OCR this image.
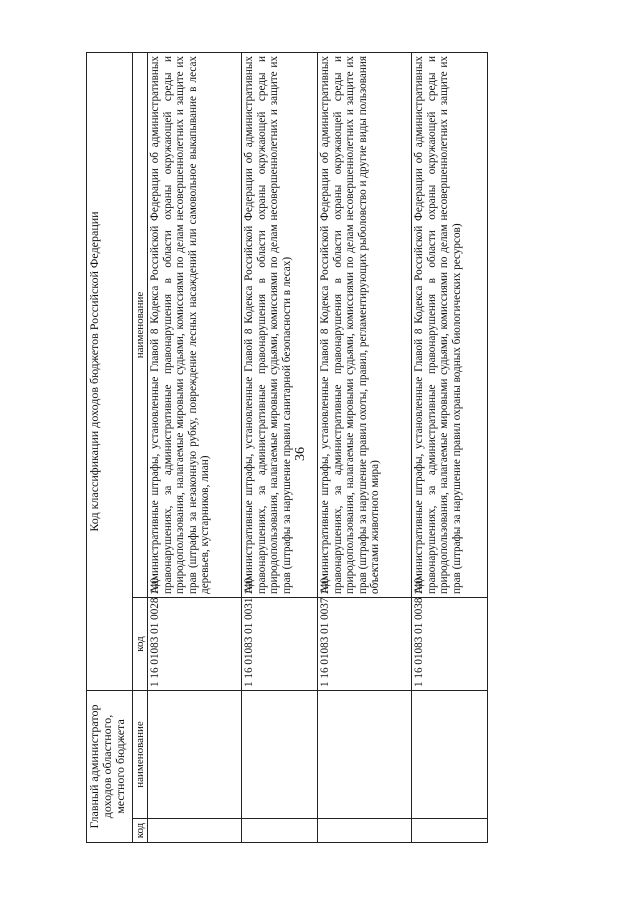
36
Главный администратор доходов областного, местного бюджета		Код классификации доходов бюджетов Российской Федерации	
код	наименование	код	наименование
		1 16 01083 01 0028 140	Административные штрафы, установленные Главой 8 Кодекса Российской Федерации об административных правонарушениях, за административные правонарушения в области охраны окружающей среды и природопользования, налагаемые мировыми судьями, комиссиями по делам несовершеннолетних и защите их прав (штрафы за незаконную рубку, повреждение лесных насаждений или самовольное выкапывание в лесах деревьев, кустарников, лиан)
		1 16 01083 01 0031 140	Административные штрафы, установленные Главой 8 Кодекса Российской Федерации об административных правонарушениях, за административные правонарушения в области охраны окружающей среды и природопользования, налагаемые мировыми судьями, комиссиями по делам несовершеннолетних и защите их прав (штрафы за нарушение правил санитарной безопасности в лесах)
		1 16 01083 01 0037 140	Административные штрафы, установленные Главой 8 Кодекса Российской Федерации об административных правонарушениях, за административные правонарушения в области охраны окружающей среды и природопользования, налагаемые мировыми судьями, комиссиями по делам несовершеннолетних и защите их прав (штрафы за нарушение правил охоты, правил, регламентирующих рыболовство и другие виды пользования объектами животного мира)
		1 16 01083 01 0038 140	Административные штрафы, установленные Главой 8 Кодекса Российской Федерации об административных правонарушениях, за административные правонарушения в области охраны окружающей среды и природопользования, налагаемые мировыми судьями, комиссиями по делам несовершеннолетних и защите их прав (штрафы за нарушение правил охраны водных биологических ресурсов)
